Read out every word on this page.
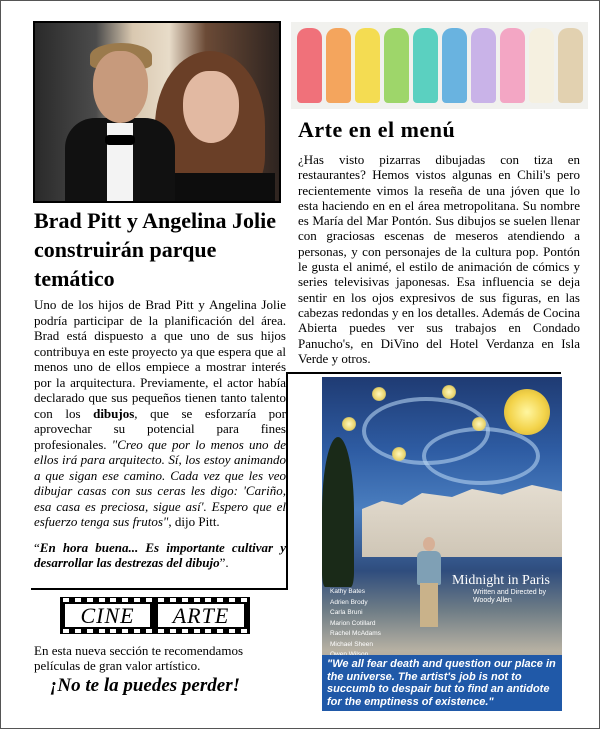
Brad Pitt y Angelina Jolie construirán parque temático

Uno de los hijos de Brad Pitt y Angelina Jolie podría participar de la planificación del área. Brad está dispuesto a que uno de sus hijos contribuya en este proyecto ya que espera que al menos uno de ellos empiece a mostrar interés por la arquitectura. Previamente, el actor había declarado que sus pequeños tienen tanto talento con los dibujos, que se esforzaría por aprovechar su potencial para fines profesionales. "Creo que por lo menos uno de ellos irá para arquitecto. Sí, los estoy animando a que sigan ese camino. Cada vez que les veo dibujar casas con sus ceras les digo: 'Cariño, esa casa es preciosa, sigue así'. Espero que el esfuerzo tenga sus frutos", dijo Pitt.

“En hora buena... Es importante cultivar y desarrollar las destrezas del dibujo”.

CINE	ARTE

En esta nueva sección te recomendamos películas de gran valor artístico.

¡No te la puedes perder!

Arte en el menú

¿Has visto pizarras dibujadas con tiza en restaurantes? Hemos vistos algunas en Chili's pero recientemente vimos la reseña de una jóven que lo esta haciendo en en el área metropolitana. Su nombre es María del Mar Pontón. Sus dibujos se suelen llenar con graciosas escenas de meseros atendiendo a personas, y con personajes de la cultura pop. Pontón le gusta el animé, el estilo de animación de cómics y series televisivas japonesas. Esa influencia se deja sentir en los ojos expresivos de sus figuras, en las cabezas redondas y en los detalles. Además de Cocina Abierta puedes ver sus trabajos en Condado Panucho's, en DiVino del Hotel Verdanza en Isla Verde y otros.

Kathy Bates
Adrien Brody
Carla Bruni
Marion Cotillard
Rachel McAdams
Michael Sheen
Midnight in Paris
Written and Directed by Woody Allen
"We all fear death and question our place in the universe. The artist's job is not to succumb to despair but to find an antidote for the emptiness of existence."
